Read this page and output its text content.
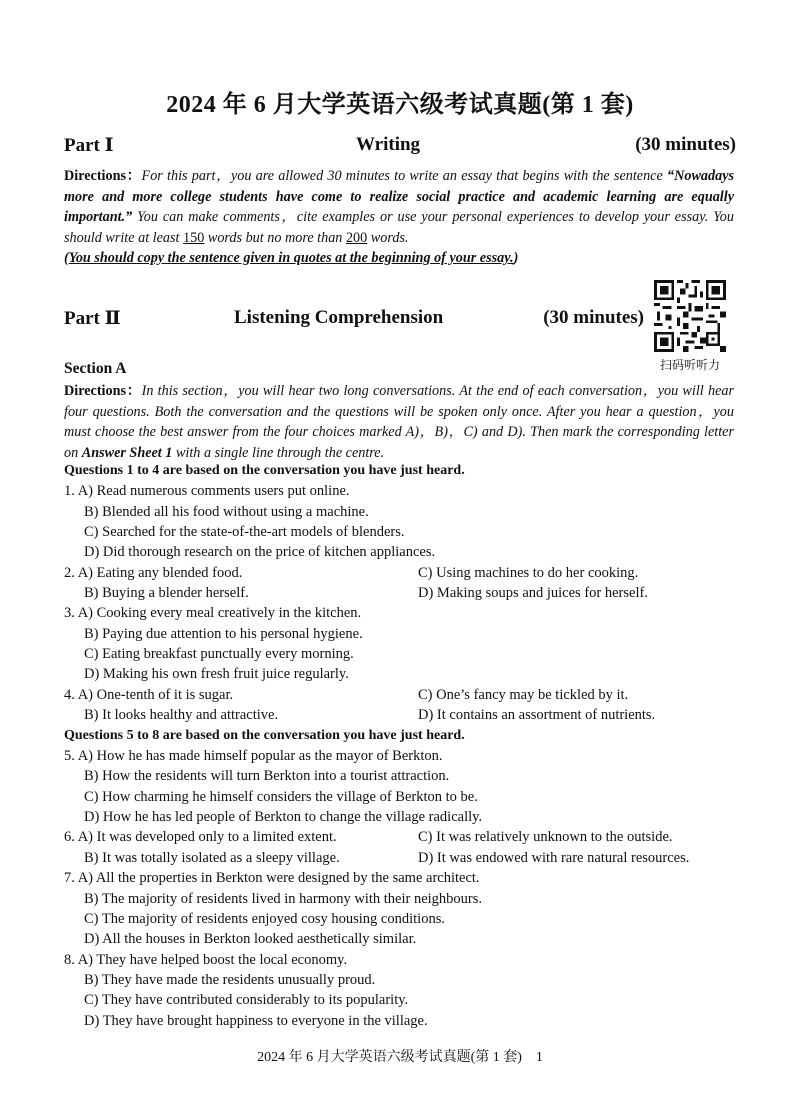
2024 年 6 月大学英语六级考试真题(第 1 套)
Part Ⅰ	Writing	(30 minutes)
Directions：For this part，you are allowed 30 minutes to write an essay that begins with the sentence “Nowadays more and more college students have come to realize social practice and academic learning are equally important.” You can make comments，cite examples or use your personal experiences to develop your essay. You should write at least 150 words but no more than 200 words.
(You should copy the sentence given in quotes at the beginning of your essay.)
Part Ⅱ	Listening Comprehension	(30 minutes)
扫码听听力
Section A
Directions：In this section，you will hear two long conversations. At the end of each conversation，you will hear four questions. Both the conversation and the questions will be spoken only once. After you hear a question，you must choose the best answer from the four choices marked A)，B)，C) and D). Then mark the corresponding letter on Answer Sheet 1 with a single line through the centre.
Questions 1 to 4 are based on the conversation you have just heard.
1. A) Read numerous comments users put online.
B) Blended all his food without using a machine.
C) Searched for the state-of-the-art models of blenders.
D) Did thorough research on the price of kitchen appliances.
2. A) Eating any blended food.	C) Using machines to do her cooking.
B) Buying a blender herself.	D) Making soups and juices for herself.
3. A) Cooking every meal creatively in the kitchen.
B) Paying due attention to his personal hygiene.
C) Eating breakfast punctually every morning.
D) Making his own fresh fruit juice regularly.
4. A) One-tenth of it is sugar.	C) One’s fancy may be tickled by it.
B) It looks healthy and attractive.	D) It contains an assortment of nutrients.
Questions 5 to 8 are based on the conversation you have just heard.
5. A) How he has made himself popular as the mayor of Berkton.
B) How the residents will turn Berkton into a tourist attraction.
C) How charming he himself considers the village of Berkton to be.
D) How he has led people of Berkton to change the village radically.
6. A) It was developed only to a limited extent.	C) It was relatively unknown to the outside.
B) It was totally isolated as a sleepy village.	D) It was endowed with rare natural resources.
7. A) All the properties in Berkton were designed by the same architect.
B) The majority of residents lived in harmony with their neighbours.
C) The majority of residents enjoyed cosy housing conditions.
D) All the houses in Berkton looked aesthetically similar.
8. A) They have helped boost the local economy.
B) They have made the residents unusually proud.
C) They have contributed considerably to its popularity.
D) They have brought happiness to everyone in the village.
2024 年 6 月大学英语六级考试真题(第 1 套)　1
